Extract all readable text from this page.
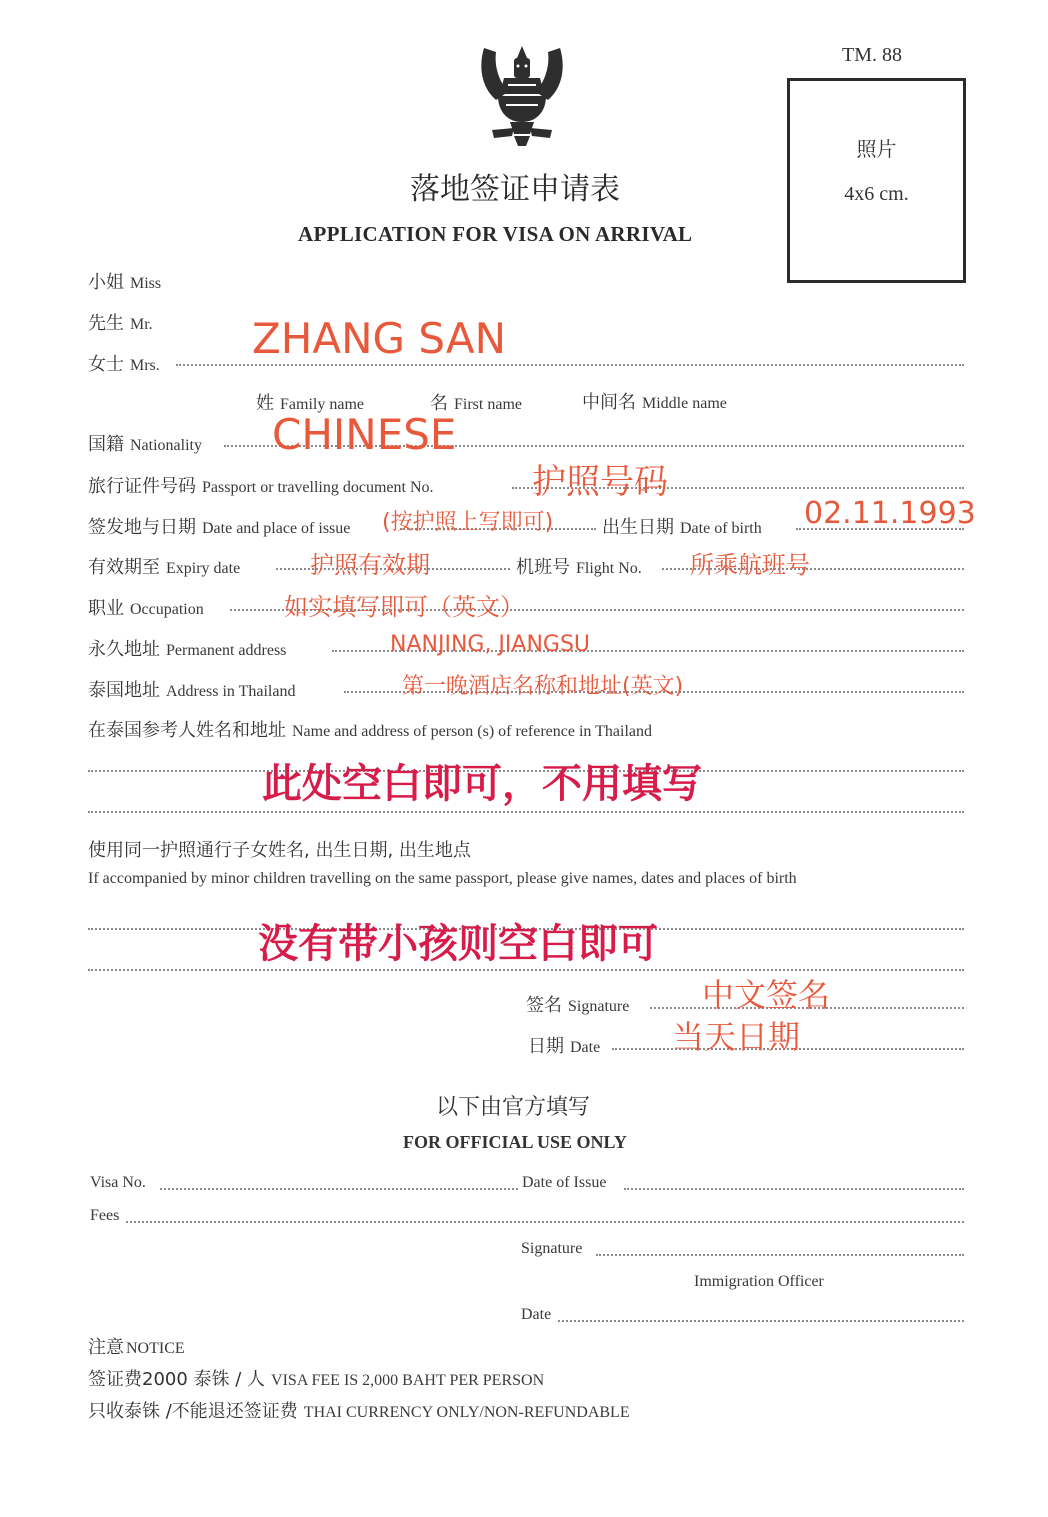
TM. 88
照片
4x6 cm.
落地签证申请表
APPLICATION FOR VISA ON ARRIVAL
小姐 Miss
先生 Mr.
女士 Mrs.
ZHANG SAN
姓 Family name	名 First name	中间名 Middle name
国籍 Nationality CHINESE
旅行证件号码 Passport or travelling document No.	护照号码
签发地与日期 Date and place of issue (按护照上写即可)	出生日期 Date of birth 02.11.1993
有效期至 Expiry date	护照有效期	机班号 Flight No. 所乘航班号
职业 Occupation	如实填写即可（英文）
永久地址 Permanent address	NANJING, JIANGSU
泰国地址 Address in Thailand	第一晚酒店名称和地址(英文)
在泰国参考人姓名和地址 Name and address of person (s) of reference in Thailand
此处空白即可，不用填写
使用同一护照通行子女姓名, 出生日期, 出生地点
If accompanied by minor children travelling on the same passport, please give names, dates and places of birth
没有带小孩则空白即可
签名 Signature 中文签名
日期 Date 当天日期
以下由官方填写
FOR OFFICIAL USE ONLY
Visa No.	Date of Issue
Fees
Signature
Immigration Officer
Date
注意 NOTICE
签证费2000 泰铢 / 人 VISA FEE IS 2,000 BAHT PER PERSON
只收泰铢 /不能退还签证费 THAI CURRENCY ONLY/NON-REFUNDABLE
